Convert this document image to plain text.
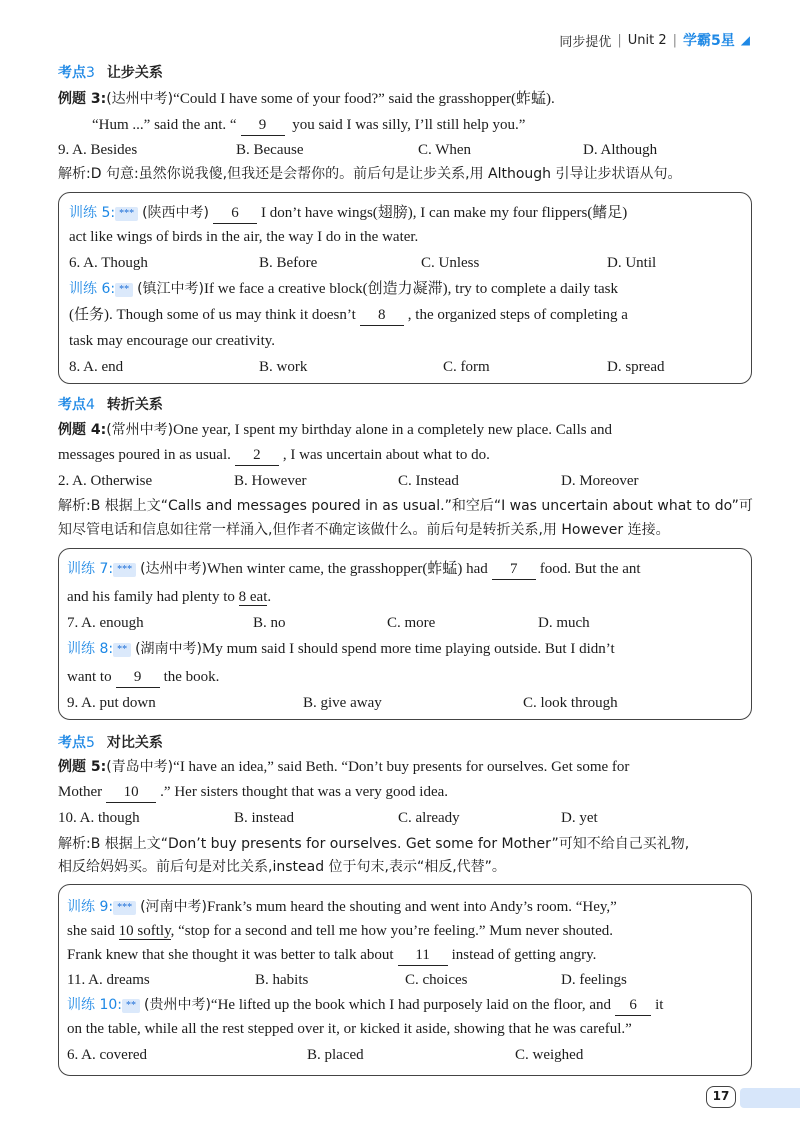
同步提优 | Unit 2 | 学霸5星 ◢
考点3 让步关系
例题 3:(达州中考)“Could I have some of your food?” said the grasshopper(蚱蜢).
“Hum ...” said the ant. “ 9 you said I was silly, I’ll still help you.”
9. A. Besides	B. Because	C. When	D. Although
解析:D 句意:虽然你说我傻,但我还是会帮你的。前后句是让步关系,用 Although 引导让步状语从句。
训练 5: *** (陕西中考) 6 I don’t have wings(翅膀), I can make my four flippers(鳍足)
act like wings of birds in the air, the way I do in the water.
6. A. Though	B. Before	C. Unless	D. Until
训练 6: ** (镇江中考)If we face a creative block(创造力凝滞), try to complete a daily task
(任务). Though some of us may think it doesn’t 8 , the organized steps of completing a
task may encourage our creativity.
8. A. end	B. work	C. form	D. spread
考点4 转折关系
例题 4:(常州中考)One year, I spent my birthday alone in a completely new place. Calls and
messages poured in as usual. 2 , I was uncertain about what to do.
2. A. Otherwise	B. However	C. Instead	D. Moreover
解析:B 根据上文“Calls and messages poured in as usual.”和空后“I was uncertain about what to do”可
知尽管电话和信息如往常一样涌入,但作者不确定该做什么。前后句是转折关系,用 However 连接。
训练 7: *** (达州中考)When winter came, the grasshopper(蚱蜢) had 7 food. But the ant
and his family had plenty to 8 eat.
7. A. enough	B. no	C. more	D. much
训练 8: ** (湖南中考)My mum said I should spend more time playing outside. But I didn’t
want to 9 the book.
9. A. put down	B. give away	C. look through
考点5 对比关系
例题 5:(青岛中考)“I have an idea,” said Beth. “Don’t buy presents for ourselves. Get some for
Mother 10 .” Her sisters thought that was a very good idea.
10. A. though	B. instead	C. already	D. yet
解析:B 根据上文“Don’t buy presents for ourselves. Get some for Mother”可知不给自己买礼物,
相反给妈妈买。前后句是对比关系,instead 位于句末,表示“相反,代替”。
训练 9: *** (河南中考)Frank’s mum heard the shouting and went into Andy’s room. “Hey,”
she said 10 softly, “stop for a second and tell me how you’re feeling.” Mum never shouted.
Frank knew that she thought it was better to talk about 11 instead of getting angry.
11. A. dreams	B. habits	C. choices	D. feelings
训练 10: ** (贵州中考)“He lifted up the book which I had purposely laid on the floor, and 6 it
on the table, while all the rest stepped over it, or kicked it aside, showing that he was careful.”
6. A. covered	B. placed	C. weighed
17
